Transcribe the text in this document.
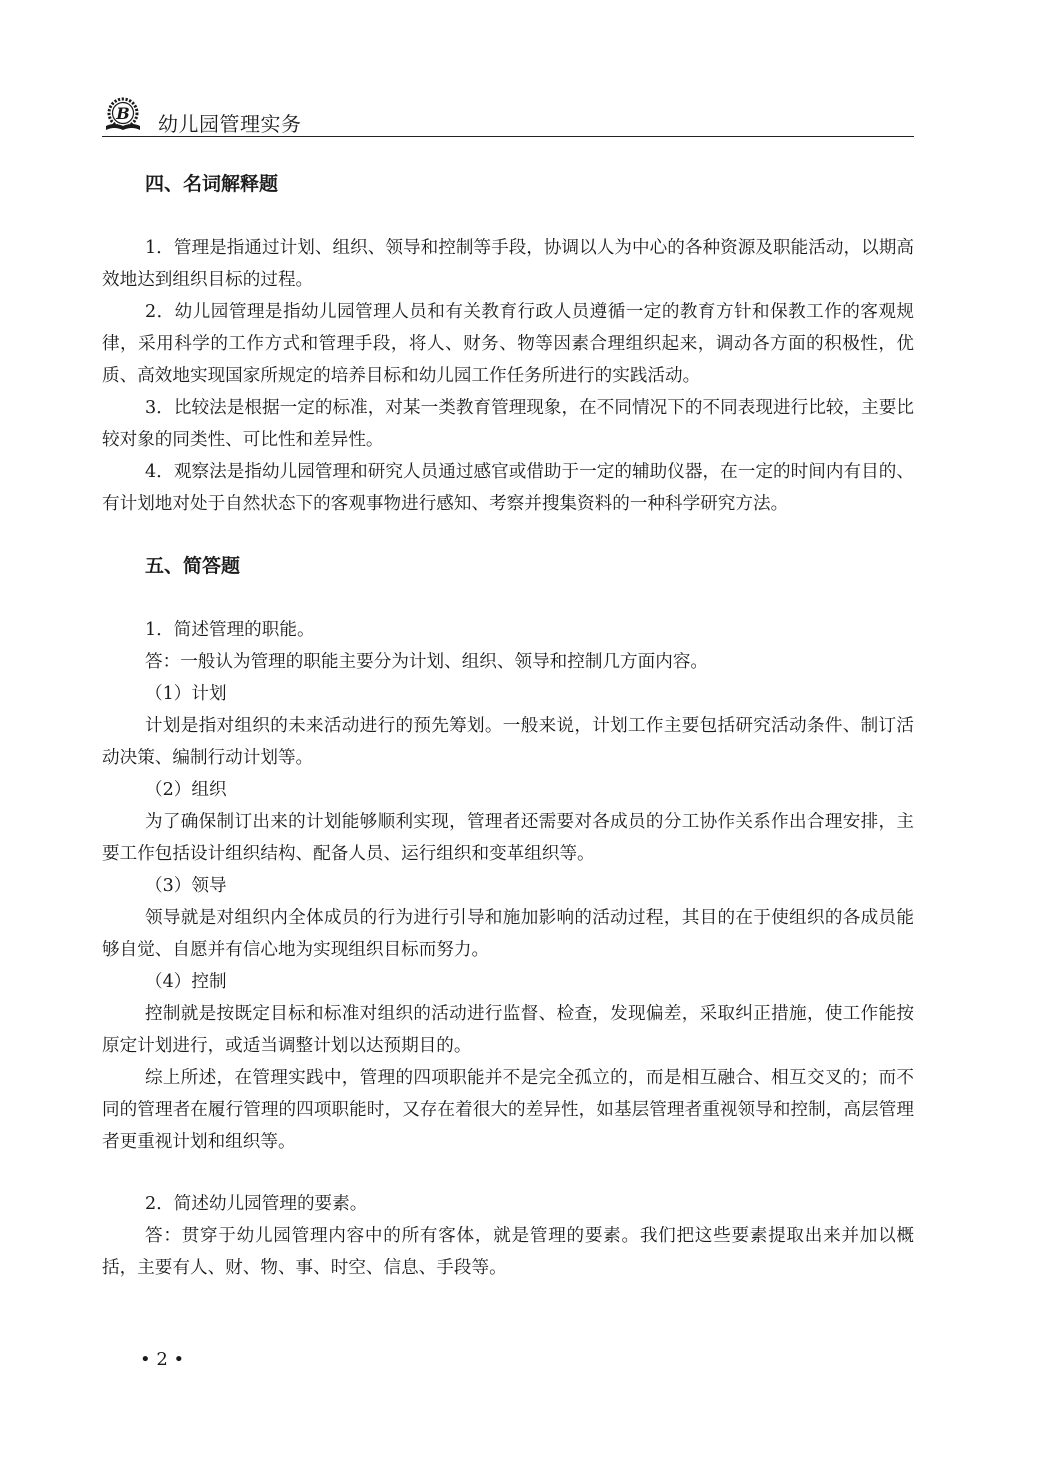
B 幼儿园管理实务
四、名词解释题

1．管理是指通过计划、组织、领导和控制等手段，协调以人为中心的各种资源及职能活动，以期高效地达到组织目标的过程。

2．幼儿园管理是指幼儿园管理人员和有关教育行政人员遵循一定的教育方针和保教工作的客观规律，采用科学的工作方式和管理手段，将人、财务、物等因素合理组织起来，调动各方面的积极性，优质、高效地实现国家所规定的培养目标和幼儿园工作任务所进行的实践活动。

3．比较法是根据一定的标准，对某一类教育管理现象，在不同情况下的不同表现进行比较，主要比较对象的同类性、可比性和差异性。

4．观察法是指幼儿园管理和研究人员通过感官或借助于一定的辅助仪器，在一定的时间内有目的、有计划地对处于自然状态下的客观事物进行感知、考察并搜集资料的一种科学研究方法。

五、简答题

1．简述管理的职能。

答：一般认为管理的职能主要分为计划、组织、领导和控制几方面内容。

（1）计划

计划是指对组织的未来活动进行的预先筹划。一般来说，计划工作主要包括研究活动条件、制订活动决策、编制行动计划等。

（2）组织

为了确保制订出来的计划能够顺利实现，管理者还需要对各成员的分工协作关系作出合理安排，主要工作包括设计组织结构、配备人员、运行组织和变革组织等。

（3）领导

领导就是对组织内全体成员的行为进行引导和施加影响的活动过程，其目的在于使组织的各成员能够自觉、自愿并有信心地为实现组织目标而努力。

（4）控制

控制就是按既定目标和标准对组织的活动进行监督、检查，发现偏差，采取纠正措施，使工作能按原定计划进行，或适当调整计划以达预期目的。

综上所述，在管理实践中，管理的四项职能并不是完全孤立的，而是相互融合、相互交叉的；而不同的管理者在履行管理的四项职能时，又存在着很大的差异性，如基层管理者重视领导和控制，高层管理者更重视计划和组织等。

2．简述幼儿园管理的要素。

答：贯穿于幼儿园管理内容中的所有客体，就是管理的要素。我们把这些要素提取出来并加以概括，主要有人、财、物、事、时空、信息、手段等。

• 2 •
